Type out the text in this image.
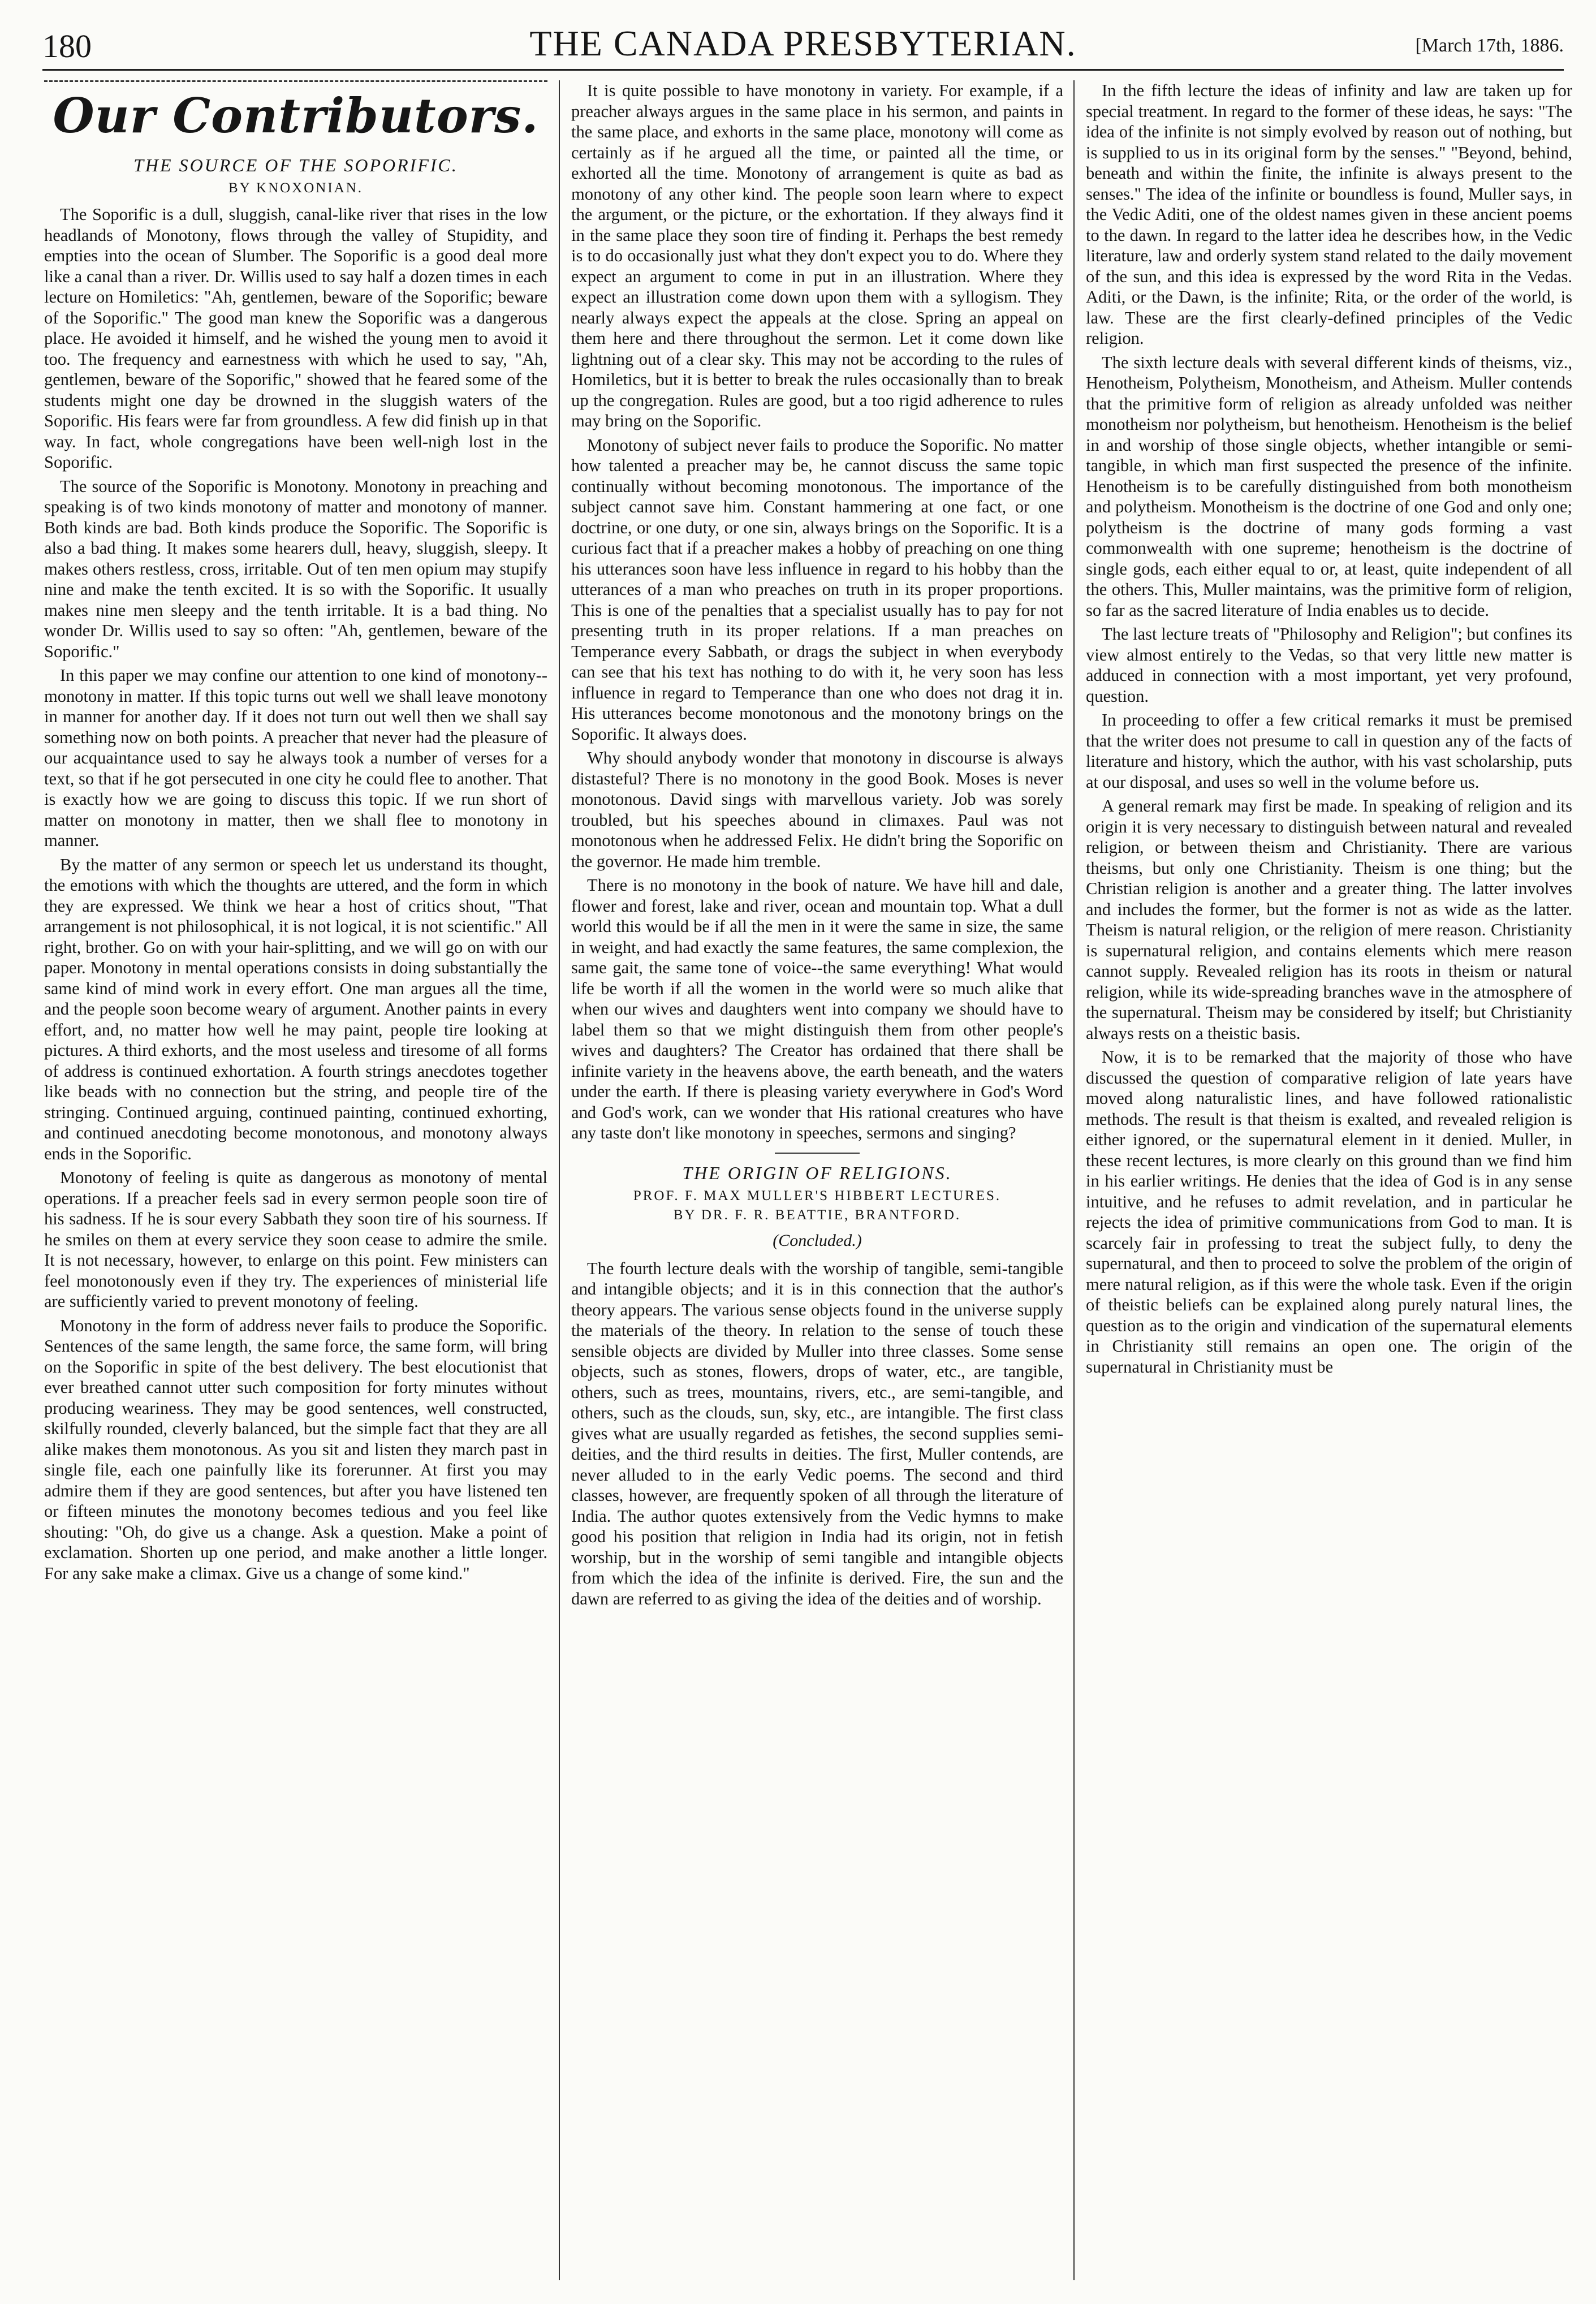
180	THE CANADA PRESBYTERIAN.	[March 17th, 1886.
Our Contributors.
THE SOURCE OF THE SOPORIFIC.
BY KNOXONIAN.

The Soporific is a dull, sluggish, canal-like river that rises in the low headlands of Monotony, flows through the valley of Stupidity, and empties into the ocean of Slumber. The Soporific is a good deal more like a canal than a river. Dr. Willis used to say half a dozen times in each lecture on Homiletics: "Ah, gentlemen, beware of the Soporific; beware of the Soporific." The good man knew the Soporific was a dangerous place. He avoided it himself, and he wished the young men to avoid it too. The frequency and earnestness with which he used to say, "Ah, gentlemen, beware of the Soporific," showed that he feared some of the students might one day be drowned in the sluggish waters of the Soporific. His fears were far from groundless. A few did finish up in that way. In fact, whole congregations have been well-nigh lost in the Soporific.

The source of the Soporific is Monotony. Monotony in preaching and speaking is of two kinds monotony of matter and monotony of manner. Both kinds are bad. Both kinds produce the Soporific. The Soporific is also a bad thing. It makes some hearers dull, heavy, sluggish, sleepy. It makes others restless, cross, irritable. Out of ten men opium may stupify nine and make the tenth excited. It is so with the Soporific. It usually makes nine men sleepy and the tenth irritable. It is a bad thing. No wonder Dr. Willis used to say so often: "Ah, gentlemen, beware of the Soporific."

In this paper we may confine our attention to one kind of monotony--monotony in matter. If this topic turns out well we shall leave monotony in manner for another day. If it does not turn out well then we shall say something now on both points. A preacher that never had the pleasure of our acquaintance used to say he always took a number of verses for a text, so that if he got persecuted in one city he could flee to another. That is exactly how we are going to discuss this topic. If we run short of matter on monotony in matter, then we shall flee to monotony in manner.

By the matter of any sermon or speech let us understand its thought, the emotions with which the thoughts are uttered, and the form in which they are expressed. We think we hear a host of critics shout, "That arrangement is not philosophical, it is not logical, it is not scientific." All right, brother. Go on with your hair-splitting, and we will go on with our paper. Monotony in mental operations consists in doing substantially the same kind of mind work in every effort. One man argues all the time, and the people soon become weary of argument. Another paints in every effort, and, no matter how well he may paint, people tire looking at pictures. A third exhorts, and the most useless and tiresome of all forms of address is continued exhortation. A fourth strings anecdotes together like beads with no connection but the string, and people tire of the stringing. Continued arguing, continued painting, continued exhorting, and continued anecdoting become monotonous, and monotony always ends in the Soporific.

Monotony of feeling is quite as dangerous as monotony of mental operations. If a preacher feels sad in every sermon people soon tire of his sadness. If he is sour every Sabbath they soon tire of his sourness. If he smiles on them at every service they soon cease to admire the smile. It is not necessary, however, to enlarge on this point. Few ministers can feel monotonously even if they try. The experiences of ministerial life are sufficiently varied to prevent monotony of feeling.

Monotony in the form of address never fails to produce the Soporific. Sentences of the same length, the same force, the same form, will bring on the Soporific in spite of the best delivery. The best elocutionist that ever breathed cannot utter such composition for forty minutes without producing weariness. They may be good sentences, well constructed, skilfully rounded, cleverly balanced, but the simple fact that they are all alike makes them monotonous. As you sit and listen they march past in single file, each one painfully like its forerunner. At first you may admire them if they are good sentences, but after you have listened ten or fifteen minutes the monotony becomes tedious and you feel like shouting: "Oh, do give us a change. Ask a question. Make a point of exclamation. Shorten up one period, and make another a little longer. For any sake make a climax. Give us a change of some kind."

It is quite possible to have monotony in variety. For example, if a preacher always argues in the same place in his sermon, and paints in the same place, and exhorts in the same place, monotony will come as certainly as if he argued all the time, or painted all the time, or exhorted all the time. Monotony of arrangement is quite as bad as monotony of any other kind. The people soon learn where to expect the argument, or the picture, or the exhortation. If they always find it in the same place they soon tire of finding it. Perhaps the best remedy is to do occasionally just what they don't expect you to do. Where they expect an argument to come in put in an illustration. Where they expect an illustration come down upon them with a syllogism. They nearly always expect the appeals at the close. Spring an appeal on them here and there throughout the sermon. Let it come down like lightning out of a clear sky. This may not be according to the rules of Homiletics, but it is better to break the rules occasionally than to break up the congregation. Rules are good, but a too rigid adherence to rules may bring on the Soporific.

Monotony of subject never fails to produce the Soporific. No matter how talented a preacher may be, he cannot discuss the same topic continually without becoming monotonous. The importance of the subject cannot save him. Constant hammering at one fact, or one doctrine, or one duty, or one sin, always brings on the Soporific. It is a curious fact that if a preacher makes a hobby of preaching on one thing his utterances soon have less influence in regard to his hobby than the utterances of a man who preaches on truth in its proper proportions. This is one of the penalties that a specialist usually has to pay for not presenting truth in its proper relations. If a man preaches on Temperance every Sabbath, or drags the subject in when everybody can see that his text has nothing to do with it, he very soon has less influence in regard to Temperance than one who does not drag it in. His utterances become monotonous and the monotony brings on the Soporific. It always does.

Why should anybody wonder that monotony in discourse is always distasteful? There is no monotony in the good Book. Moses is never monotonous. David sings with marvellous variety. Job was sorely troubled, but his speeches abound in climaxes. Paul was not monotonous when he addressed Felix. He didn't bring the Soporific on the governor. He made him tremble.

There is no monotony in the book of nature. We have hill and dale, flower and forest, lake and river, ocean and mountain top. What a dull world this would be if all the men in it were the same in size, the same in weight, and had exactly the same features, the same complexion, the same gait, the same tone of voice--the same everything! What would life be worth if all the women in the world were so much alike that when our wives and daughters went into company we should have to label them so that we might distinguish them from other people's wives and daughters? The Creator has ordained that there shall be infinite variety in the heavens above, the earth beneath, and the waters under the earth. If there is pleasing variety everywhere in God's Word and God's work, can we wonder that His rational creatures who have any taste don't like monotony in speeches, sermons and singing?

THE ORIGIN OF RELIGIONS.
PROF. F. MAX MULLER'S HIBBERT LECTURES.
BY DR. F. R. BEATTIE, BRANTFORD.
(Concluded.)

The fourth lecture deals with the worship of tangible, semi-tangible and intangible objects; and it is in this connection that the author's theory appears. The various sense objects found in the universe supply the materials of the theory. In relation to the sense of touch these sensible objects are divided by Muller into three classes. Some sense objects, such as stones, flowers, drops of water, etc., are tangible, others, such as trees, mountains, rivers, etc., are semi-tangible, and others, such as the clouds, sun, sky, etc., are intangible. The first class gives what are usually regarded as fetishes, the second supplies semi-deities, and the third results in deities. The first, Muller contends, are never alluded to in the early Vedic poems. The second and third classes, however, are frequently spoken of all through the literature of India. The author quotes extensively from the Vedic hymns to make good his position that religion in India had its origin, not in fetish worship, but in the worship of semi tangible and intangible objects from which the idea of the infinite is derived. Fire, the sun and the dawn are referred to as giving the idea of the deities and of worship.

In the fifth lecture the ideas of infinity and law are taken up for special treatment. In regard to the former of these ideas, he says: "The idea of the infinite is not simply evolved by reason out of nothing, but is supplied to us in its original form by the senses." "Beyond, behind, beneath and within the finite, the infinite is always present to the senses." The idea of the infinite or boundless is found, Muller says, in the Vedic Aditi, one of the oldest names given in these ancient poems to the dawn. In regard to the latter idea he describes how, in the Vedic literature, law and orderly system stand related to the daily movement of the sun, and this idea is expressed by the word Rita in the Vedas. Aditi, or the Dawn, is the infinite; Rita, or the order of the world, is law. These are the first clearly-defined principles of the Vedic religion.

The sixth lecture deals with several different kinds of theisms, viz., Henotheism, Polytheism, Monotheism, and Atheism. Muller contends that the primitive form of religion as already unfolded was neither monotheism nor polytheism, but henotheism. Henotheism is the belief in and worship of those single objects, whether intangible or semi-tangible, in which man first suspected the presence of the infinite. Henotheism is to be carefully distinguished from both monotheism and polytheism. Monotheism is the doctrine of one God and only one; polytheism is the doctrine of many gods forming a vast commonwealth with one supreme; henotheism is the doctrine of single gods, each either equal to or, at least, quite independent of all the others. This, Muller maintains, was the primitive form of religion, so far as the sacred literature of India enables us to decide.

The last lecture treats of "Philosophy and Religion"; but confines its view almost entirely to the Vedas, so that very little new matter is adduced in connection with a most important, yet very profound, question.

In proceeding to offer a few critical remarks it must be premised that the writer does not presume to call in question any of the facts of literature and history, which the author, with his vast scholarship, puts at our disposal, and uses so well in the volume before us.

A general remark may first be made. In speaking of religion and its origin it is very necessary to distinguish between natural and revealed religion, or between theism and Christianity. There are various theisms, but only one Christianity. Theism is one thing; but the Christian religion is another and a greater thing. The latter involves and includes the former, but the former is not as wide as the latter. Theism is natural religion, or the religion of mere reason. Christianity is supernatural religion, and contains elements which mere reason cannot supply. Revealed religion has its roots in theism or natural religion, while its wide-spreading branches wave in the atmosphere of the supernatural. Theism may be considered by itself; but Christianity always rests on a theistic basis.

Now, it is to be remarked that the majority of those who have discussed the question of comparative religion of late years have moved along naturalistic lines, and have followed rationalistic methods. The result is that theism is exalted, and revealed religion is either ignored, or the supernatural element in it denied. Muller, in these recent lectures, is more clearly on this ground than we find him in his earlier writings. He denies that the idea of God is in any sense intuitive, and he refuses to admit revelation, and in particular he rejects the idea of primitive communications from God to man. It is scarcely fair in professing to treat the subject fully, to deny the supernatural, and then to proceed to solve the problem of the origin of mere natural religion, as if this were the whole task. Even if the origin of theistic beliefs can be explained along purely natural lines, the question as to the origin and vindication of the supernatural elements in Christianity still remains an open one. The origin of the supernatural in Christianity must be
